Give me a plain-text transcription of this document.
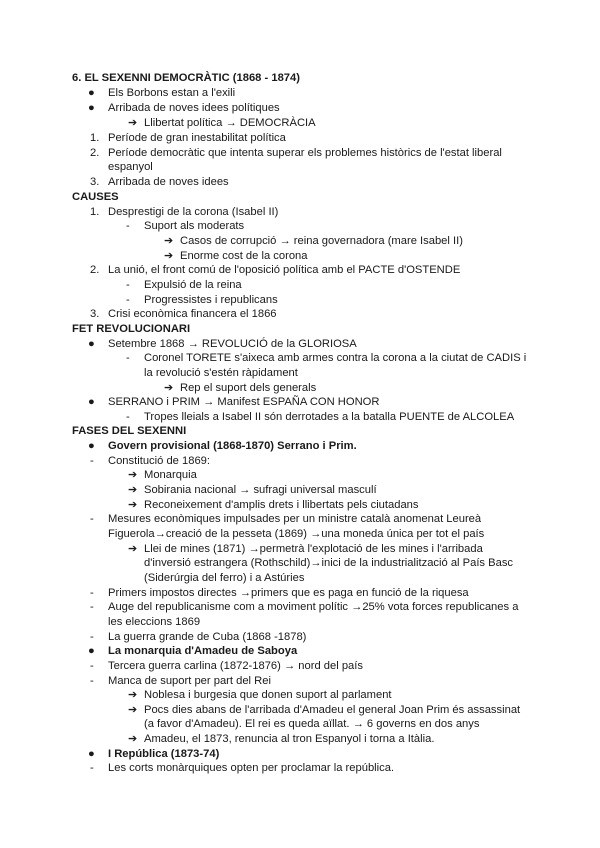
6. EL SEXENNI DEMOCRÀTIC (1868 - 1874)
● Els Borbons estan a l'exili
● Arribada de noves idees polítiques
➔ Llibertat política → DEMOCRÀCIA
1. Període de gran inestabilitat política
2. Període democràtic que intenta superar els problemes històrics de l'estat liberal
espanyol
3. Arribada de noves idees
CAUSES
1. Desprestigi de la corona (Isabel II)
- Suport als moderats
➔ Casos de corrupció → reina governadora (mare Isabel II)
➔ Enorme cost de la corona
2. La unió, el front comú de l'oposició política amb el PACTE d'OSTENDE
- Expulsió de la reina
- Progressistes i republicans
3. Crisi econòmica financera el 1866
FET REVOLUCIONARI
● Setembre 1868 → REVOLUCIÓ de la GLORIOSA
- Coronel TORETE s'aixeca amb armes contra la corona a la ciutat de CADIS i
la revolució s'estén ràpidament
➔ Rep el suport dels generals
● SERRANO i PRIM → Manifest ESPAÑA CON HONOR
- Tropes lleials a Isabel II són derrotades a la batalla PUENTE de ALCOLEA
FASES DEL SEXENNI
● Govern provisional (1868-1870) Serrano i Prim.
- Constitució de 1869:
➔ Monarquia
➔ Sobirania nacional → sufragi universal masculí
➔ Reconeixement d'amplis drets i llibertats pels ciutadans
- Mesures econòmiques impulsades per un ministre català anomenat Leureà
Figuerola→creació de la pesseta (1869) →una moneda única per tot el país
➔ Llei de mines (1871) →permetrà l'explotació de les mines i l'arribada
d'inversió estrangera (Rothschild)→inici de la industrialització al País Basc
(Siderúrgia del ferro) i a Astúries
- Primers impostos directes →primers que es paga en funció de la riquesa
- Auge del republicanisme com a moviment polític →25% vota forces republicanes a
les eleccions 1869
- La guerra grande de Cuba (1868 -1878)
● La monarquia d'Amadeu de Saboya
- Tercera guerra carlina (1872-1876) → nord del país
- Manca de suport per part del Rei
➔ Noblesa i burgesia que donen suport al parlament
➔ Pocs dies abans de l'arribada d'Amadeu el general Joan Prim és assassinat
(a favor d'Amadeu). El rei es queda aïllat. → 6 governs en dos anys
➔ Amadeu, el 1873, renuncia al tron Espanyol i torna a Itàlia.
● I República (1873-74)
- Les corts monàrquiques opten per proclamar la república.
